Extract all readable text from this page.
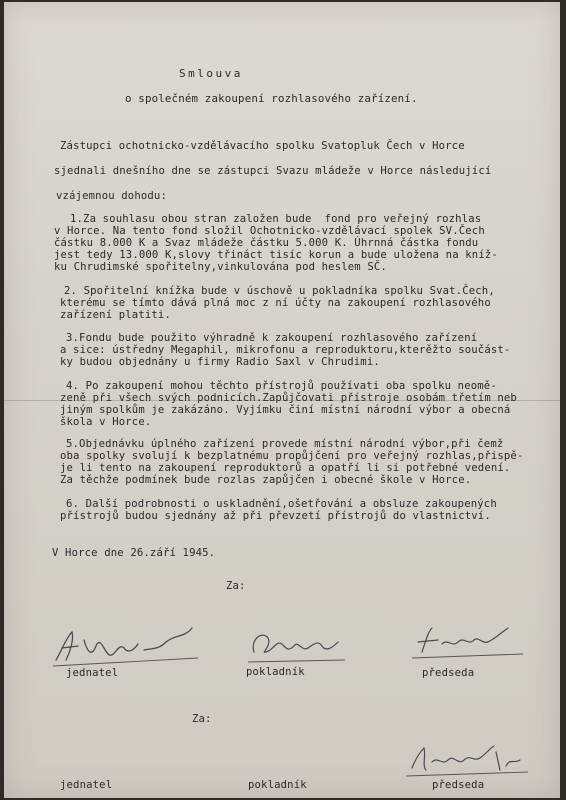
Smlouva
o společném zakoupení rozhlasového zařízení.
Zástupci ochotnicko-vzdělávacího spolku Svatopluk Čech v Horce
sjednali dnešního dne se zástupci Svazu mládeže v Horce následující
vzájemnou dohodu:
1.Za souhlasu obou stran založen bude  fond pro veřejný rozhlas
v Horce. Na tento fond složil Ochotnicko-vzdělávací spolek SV.Čech
částku 8.000 K a Svaz mládeže částku 5.000 K. Úhrnná částka fondu
jest tedy 13.000 K,slovy třináct tisíc korun a bude uložena na kníž-
ku Chrudimské spořitelny,vinkulována pod heslem SČ.
2. Spořitelní knížka bude v úschově u pokladníka spolku Svat.Čech,
kterému se tímto dává plná moc z ní účty na zakoupení rozhlasového
zařízení platiti.
3.Fondu bude použito výhradně k zakoupení rozhlasového zařízení
a sice: ústředny Megaphil, mikrofonu a reproduktoru,kterěžto součást-
ky budou objednány u firmy Radio Saxl v Chrudimi.
4. Po zakoupení mohou těchto přístrojů používati oba spolku neomě-
zeně při všech svých podnicích.Zapůjčovati přístroje osobám třetím neb
jiným spolkům je zakázáno. Vyjímku činí místní národní výbor a obecná
škola v Horce.
5.Objednávku úplného zařízení provede místní národní výbor,při čemž
oba spolky svolují k bezplatnému propůjčení pro veřejný rozhlas,přispě-
je li tento na zakoupení reproduktorů a opatří li si potřebné vedení.
Za těchže podmínek bude rozlas zapůjčen i obecné škole v Horce.
6. Další podrobnosti o uskladnění,ošetřování a obsluze zakoupených
přístrojů budou sjednány až při převzetí přístrojů do vlastnictví.
V Horce dne 26.září 1945.
Za:
jednatel	pokladník	předseda
Za:
jednatel	pokladník	předseda
